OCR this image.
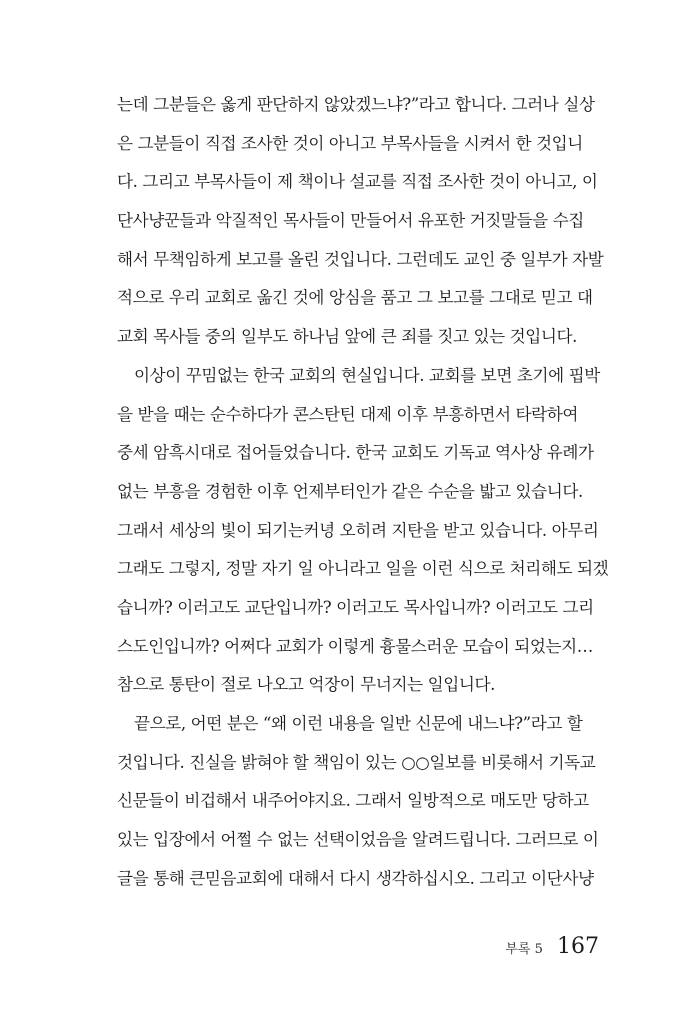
는데 그분들은 옳게 판단하지 않았겠느냐?”라고 합니다. 그러나 실상
은 그분들이 직접 조사한 것이 아니고 부목사들을 시켜서 한 것입니
다. 그리고 부목사들이 제 책이나 설교를 직접 조사한 것이 아니고, 이
단사냥꾼들과 악질적인 목사들이 만들어서 유포한 거짓말들을 수집
해서 무책임하게 보고를 올린 것입니다. 그런데도 교인 중 일부가 자발
적으로 우리 교회로 옮긴 것에 앙심을 품고 그 보고를 그대로 믿고 대
교회 목사들 중의 일부도 하나님 앞에 큰 죄를 짓고 있는 것입니다.
이상이 꾸밈없는 한국 교회의 현실입니다. 교회를 보면 초기에 핍박
을 받을 때는 순수하다가 콘스탄틴 대제 이후 부흥하면서 타락하여
중세 암흑시대로 접어들었습니다. 한국 교회도 기독교 역사상 유례가
없는 부흥을 경험한 이후 언제부터인가 같은 수순을 밟고 있습니다.
그래서 세상의 빛이 되기는커녕 오히려 지탄을 받고 있습니다. 아무리
그래도 그렇지, 정말 자기 일 아니라고 일을 이런 식으로 처리해도 되겠
습니까? 이러고도 교단입니까? 이러고도 목사입니까? 이러고도 그리
스도인입니까? 어쩌다 교회가 이렇게 흉물스러운 모습이 되었는지…
참으로 통탄이 절로 나오고 억장이 무너지는 일입니다.
끝으로, 어떤 분은 “왜 이런 내용을 일반 신문에 내느냐?”라고 할
것입니다. 진실을 밝혀야 할 책임이 있는 ○○일보를 비롯해서 기독교
신문들이 비겁해서 내주어야지요. 그래서 일방적으로 매도만 당하고
있는 입장에서 어쩔 수 없는 선택이었음을 알려드립니다. 그러므로 이
글을 통해 큰믿음교회에 대해서 다시 생각하십시오. 그리고 이단사냥
부록 5 167
